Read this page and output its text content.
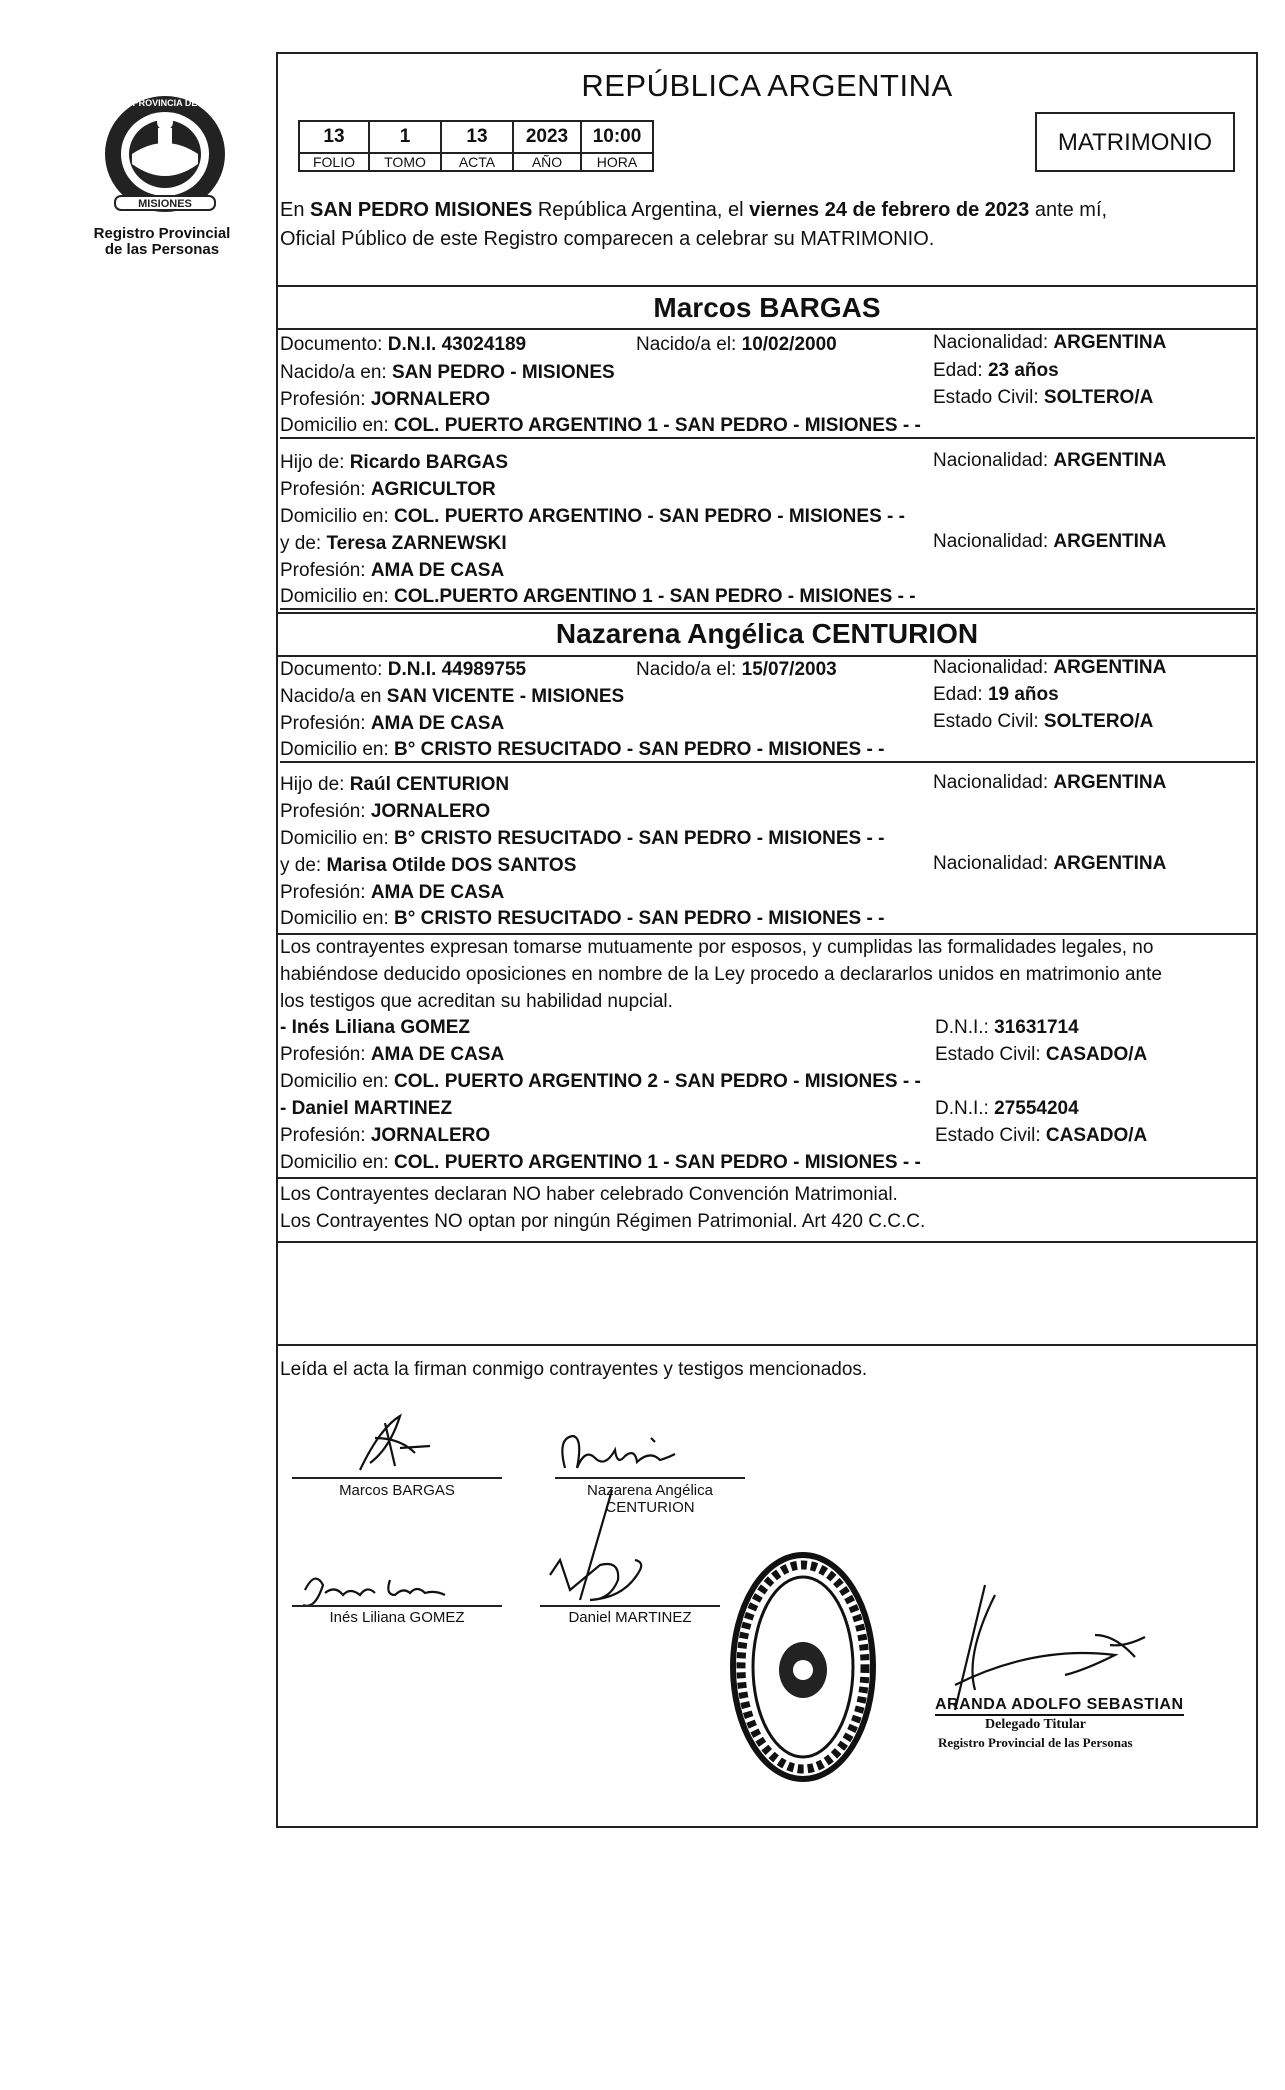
MISIONES
PROVINCIA DE
Registro Provincial
de las Personas
REPÚBLICA ARGENTINA
13	1	13	2023	10:00
FOLIO	TOMO	ACTA	AÑO	HORA
MATRIMONIO
En SAN PEDRO MISIONES República Argentina, el viernes 24 de febrero de 2023 ante mí,
Oficial Público de este Registro comparecen a celebrar su MATRIMONIO.
Marcos BARGAS
Documento: D.N.I. 43024189	Nacido/a el: 10/02/2000	Nacionalidad: ARGENTINA
Nacido/a en: SAN PEDRO - MISIONES	Edad: 23 años
Profesión: JORNALERO	Estado Civil: SOLTERO/A
Domicilio en: COL. PUERTO ARGENTINO 1 - SAN PEDRO - MISIONES - -
Hijo de: Ricardo BARGAS	Nacionalidad: ARGENTINA
Profesión: AGRICULTOR
Domicilio en: COL. PUERTO ARGENTINO - SAN PEDRO - MISIONES - -
y de: Teresa ZARNEWSKI	Nacionalidad: ARGENTINA
Profesión: AMA DE CASA
Domicilio en: COL.PUERTO ARGENTINO 1 - SAN PEDRO - MISIONES - -
Nazarena Angélica CENTURION
Documento: D.N.I. 44989755	Nacido/a el: 15/07/2003	Nacionalidad: ARGENTINA
Nacido/a en SAN VICENTE - MISIONES	Edad: 19 años
Profesión: AMA DE CASA	Estado Civil: SOLTERO/A
Domicilio en: B° CRISTO RESUCITADO - SAN PEDRO - MISIONES - -
Hijo de: Raúl CENTURION	Nacionalidad: ARGENTINA
Profesión: JORNALERO
Domicilio en: B° CRISTO RESUCITADO - SAN PEDRO - MISIONES - -
y de: Marisa Otilde DOS SANTOS	Nacionalidad: ARGENTINA
Profesión: AMA DE CASA
Domicilio en: B° CRISTO RESUCITADO - SAN PEDRO - MISIONES - -
Los contrayentes expresan tomarse mutuamente por esposos, y cumplidas las formalidades legales, no
habiéndose deducido oposiciones en nombre de la Ley procedo a declararlos unidos en matrimonio ante
los testigos que acreditan su habilidad nupcial.
- Inés Liliana GOMEZ	D.N.I.: 31631714
Profesión: AMA DE CASA	Estado Civil: CASADO/A
Domicilio en: COL. PUERTO ARGENTINO 2 - SAN PEDRO - MISIONES - -
- Daniel MARTINEZ	D.N.I.: 27554204
Profesión: JORNALERO	Estado Civil: CASADO/A
Domicilio en: COL. PUERTO ARGENTINO 1 - SAN PEDRO - MISIONES - -
Los Contrayentes declaran NO haber celebrado Convención Matrimonial.
Los Contrayentes NO optan por ningún Régimen Patrimonial. Art 420 C.C.C.
Leída el acta la firman conmigo contrayentes y testigos mencionados.
Marcos BARGAS	Nazarena Angélica
CENTURION
Inés Liliana GOMEZ	Daniel MARTINEZ
ARANDA ADOLFO SEBASTIAN
Delegado Titular
Registro Provincial de las Personas
